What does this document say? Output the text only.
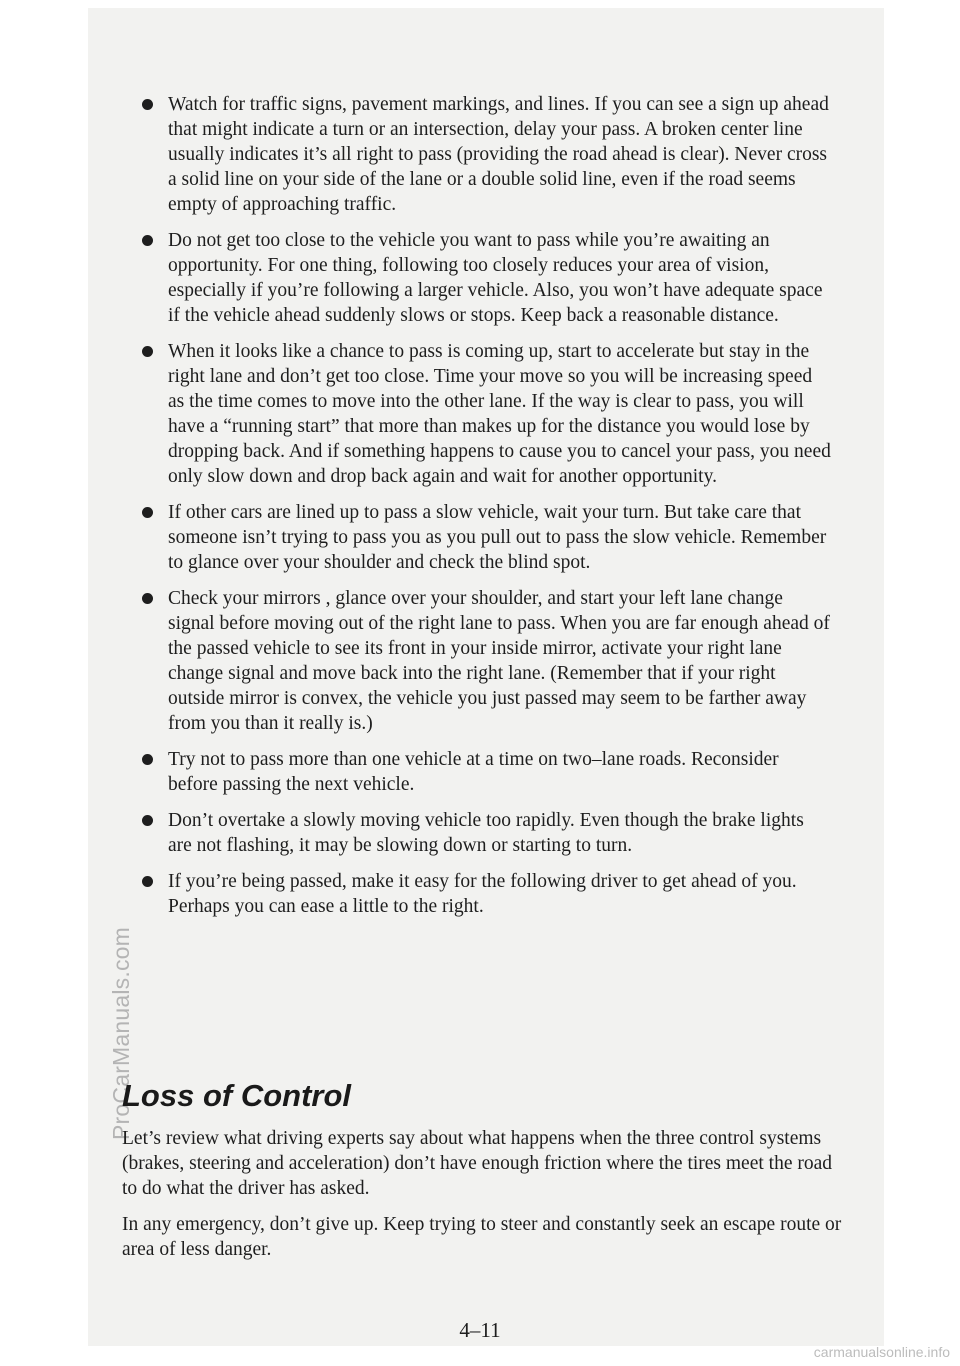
ProCarManuals.com
Watch for traffic signs, pavement markings, and lines. If you can see a sign up ahead that might indicate a turn or an intersection, delay your pass. A broken center line usually indicates it’s all right to pass (providing the road ahead is clear). Never cross a solid line on your side of the lane or a double solid line, even if the road seems empty of approaching traffic.
Do not get too close to the vehicle you want to pass while you’re awaiting an opportunity. For one thing, following too closely reduces your area of vision, especially if you’re following a larger vehicle. Also, you won’t have adequate space if the vehicle ahead suddenly slows or stops. Keep back a reasonable distance.
When it looks like a chance to pass is coming up, start to accelerate but stay in the right lane and don’t get too close. Time your move so you will be increasing speed as the time comes to move into the other lane. If the way is clear to pass, you will have a “running start” that more than makes up for the distance you would lose by dropping back. And if something happens to cause you to cancel your pass, you need only slow down and drop back again and wait for another opportunity.
If other cars are lined up to pass a slow vehicle, wait your turn. But take care that someone isn’t trying to pass you as you pull out to pass the slow vehicle. Remember to glance over your shoulder and check the blind spot.
Check your mirrors , glance over your shoulder, and start your left lane change signal before moving out of the right lane to pass. When you are far enough ahead of the passed vehicle to see its front in your inside mirror, activate your right lane change signal and move back into the right lane. (Remember that if your right outside mirror is convex, the vehicle you just passed may seem to be farther away from you than it really is.)
Try not to pass more than one vehicle at a time on two–lane roads. Reconsider before passing the next vehicle.
Don’t overtake a slowly moving vehicle too rapidly. Even though the brake lights are not flashing, it may be slowing down or starting to turn.
If you’re being passed, make it easy for the following driver to get ahead of you. Perhaps you can ease a little to the right.
Loss of Control

Let’s review what driving experts say about what happens when the three control systems (brakes, steering and acceleration) don’t have enough friction where the tires meet the road to do what the driver has asked.

In any emergency, don’t give up. Keep trying to steer and constantly seek an escape route or area of less danger.

4–11
carmanualsonline.info
